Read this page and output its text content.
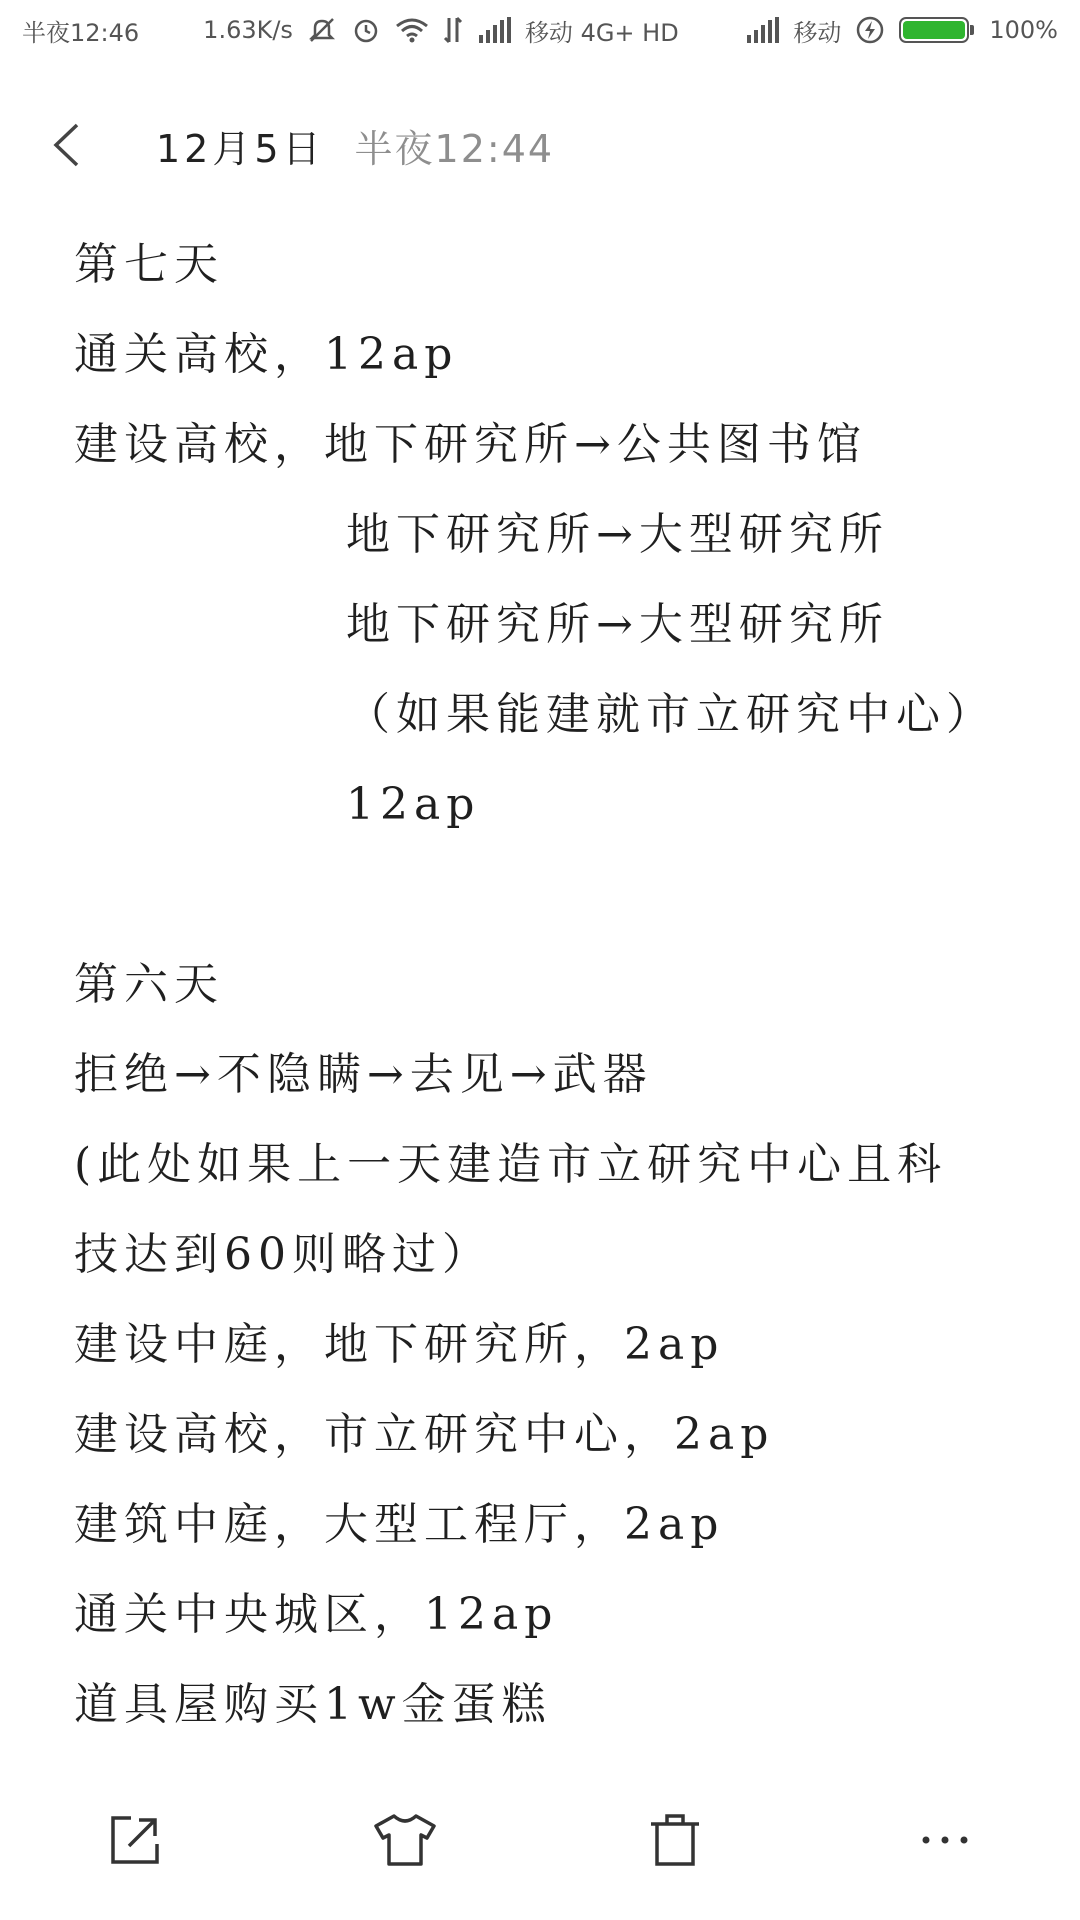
半夜12:46	1.63K/s	移动 4G+ HD	移动	100%
12月5日 半夜12:44
第七天
通关高校，12ap
建设高校，地下研究所→公共图书馆
地下研究所→大型研究所
地下研究所→大型研究所
（如果能建就市立研究中心）
12ap
第六天
拒绝→不隐瞒→去见→武器
(此处如果上一天建造市立研究中心且科
技达到60则略过）
建设中庭，地下研究所，2ap
建设高校，市立研究中心，2ap
建筑中庭，大型工程厅，2ap
通关中央城区，12ap
道具屋购买1w金蛋糕
